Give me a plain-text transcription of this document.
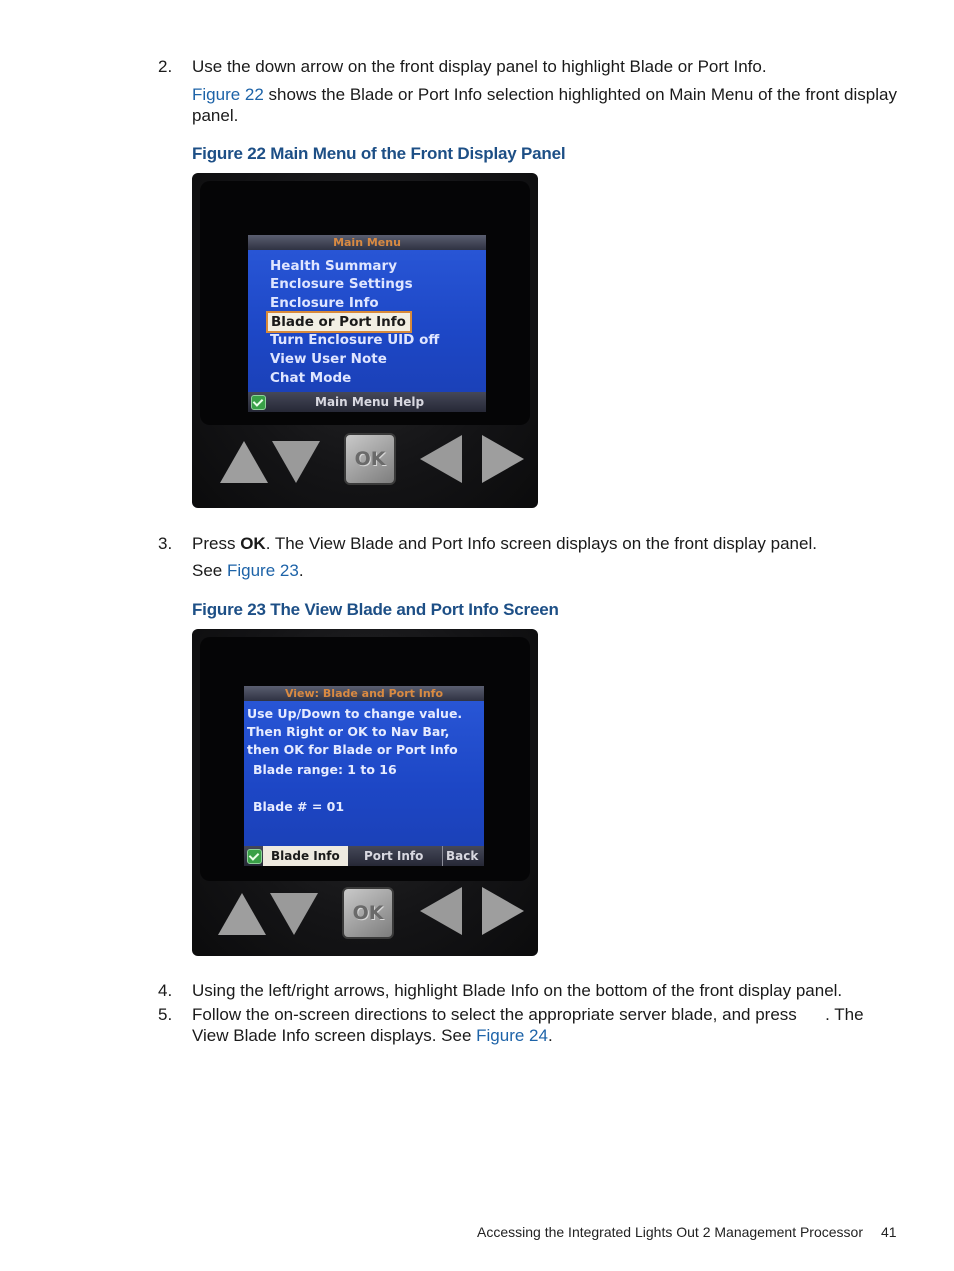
2. Use the down arrow on the front display panel to highlight Blade or Port Info.
Figure 22 shows the Blade or Port Info selection highlighted on Main Menu of the front display panel.
Figure 22 Main Menu of the Front Display Panel
Main Menu
Health Summary
Enclosure Settings
Enclosure Info
Blade or Port Info
Turn Enclosure UID off
View User Note
Chat Mode
Main Menu Help
OK
3. Press OK. The View Blade and Port Info screen displays on the front display panel.
See Figure 23.
Figure 23 The View Blade and Port Info Screen
View: Blade and Port Info
Use Up/Down to change value.
Then Right or OK to Nav Bar,
then OK for Blade or Port Info
Blade range: 1 to 16
Blade # = 01
Blade Info	Port Info	Back
OK
4. Using the left/right arrows, highlight Blade Info on the bottom of the front display panel.
5. Follow the on-screen directions to select the appropriate server blade, and press      . The View Blade Info screen displays. See Figure 24.
Accessing the Integrated Lights Out 2 Management Processor 41
